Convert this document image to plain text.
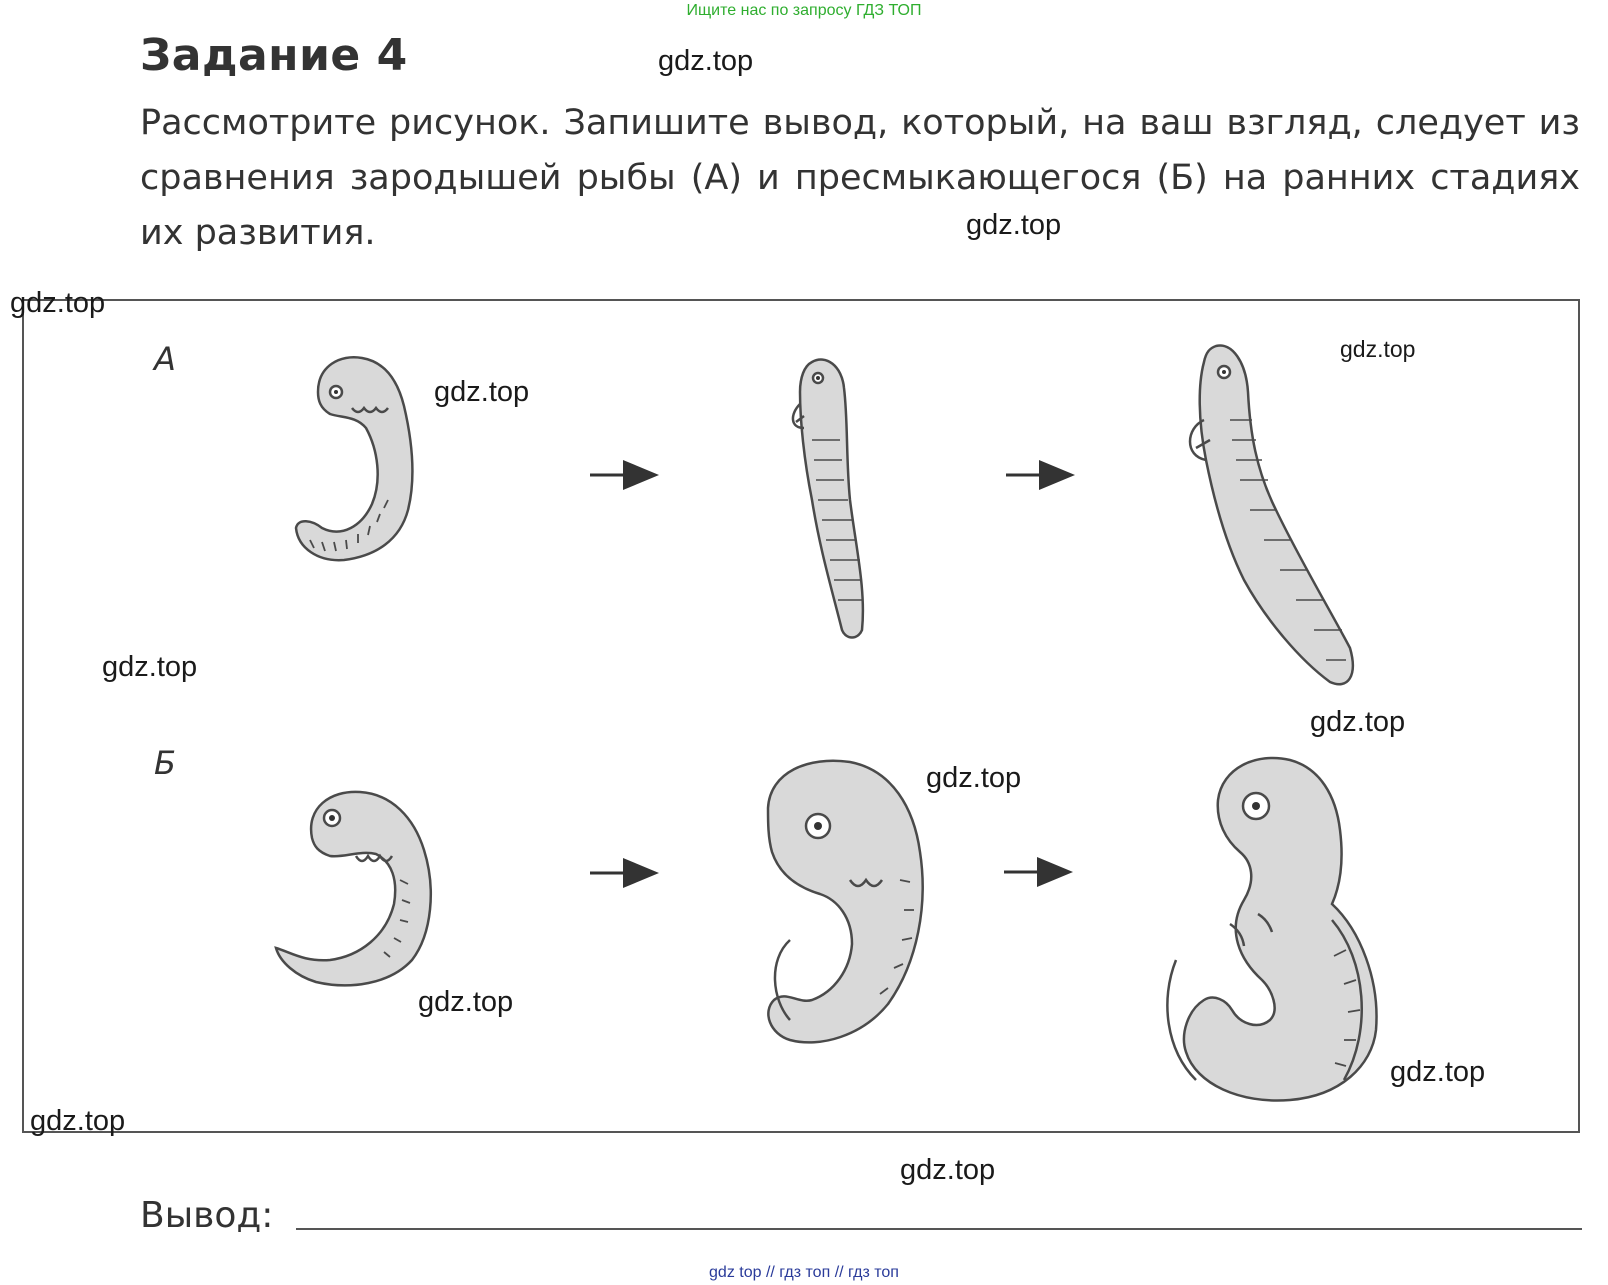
Ищите нас по запросу ГДЗ ТОП
Задание 4
Рассмотрите рисунок. Запишите вывод, который, на ваш взгляд, следует из сравнения зародышей рыбы (А) и пресмыкающегося (Б) на ранних стадиях их развития.
А
Б
gdz.top
gdz.top
gdz.top
gdz.top
gdz.top
gdz.top
gdz.top
gdz.top
gdz.top
gdz.top
gdz.top
gdz.top
Вывод:
gdz top // гдз топ // гдз топ
